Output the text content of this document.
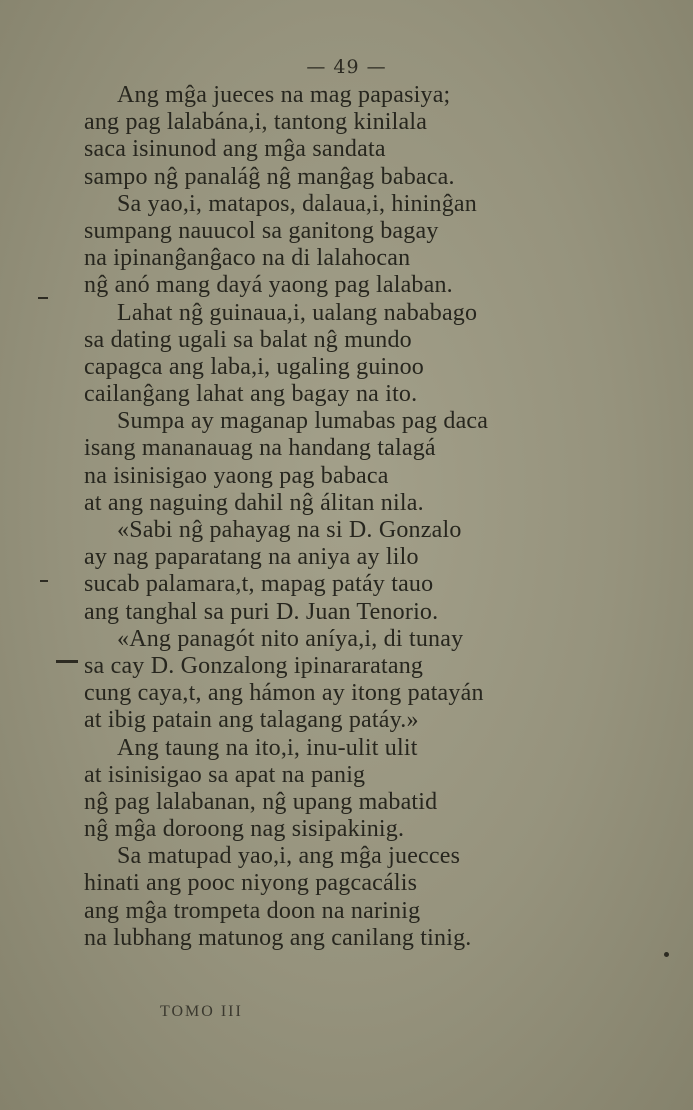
— 49 —
Ang mĝa jueces na mag papasiya;
ang pag lalabána,i, tantong kinilala
saca isinunod ang mĝa sandata
sampo nĝ panaláĝ nĝ manĝag babaca.
Sa yao,i, matapos, dalaua,i, hininĝan
sumpang nauucol sa ganitong bagay
na ipinanĝanĝaco na di lalahocan
nĝ anó mang dayá yaong pag lalaban.
Lahat nĝ guinaua,i, ualang nababago
sa dating ugali sa balat nĝ mundo
capagca ang laba,i, ugaling guinoo
cailanĝang lahat ang bagay na ito.
Sumpa ay maganap lumabas pag daca
isang mananauag na handang talagá
na isinisigao yaong pag babaca
at ang naguing dahil nĝ álitan nila.
«Sabi nĝ pahayag na si D. Gonzalo
ay nag paparatang na aniya ay lilo
sucab palamara,t, mapag patáy tauo
ang tanghal sa puri D. Juan Tenorio.
«Ang panagót nito aníya,i, di tunay
sa cay D. Gonzalong ipinararatang
cung caya,t, ang hámon ay itong patayán
at ibig patain ang talagang patáy.»
Ang taung na ito,i, inu-ulit ulit
at isinisigao sa apat na panig
nĝ pag lalabanan, nĝ upang mabatid
nĝ mĝa doroong nag sisipakinig.
Sa matupad yao,i, ang mĝa juecces
hinati ang pooc niyong pagcacális
ang mĝa trompeta doon na narinig
na lubhang matunog ang canilang tinig.
TOMO III
